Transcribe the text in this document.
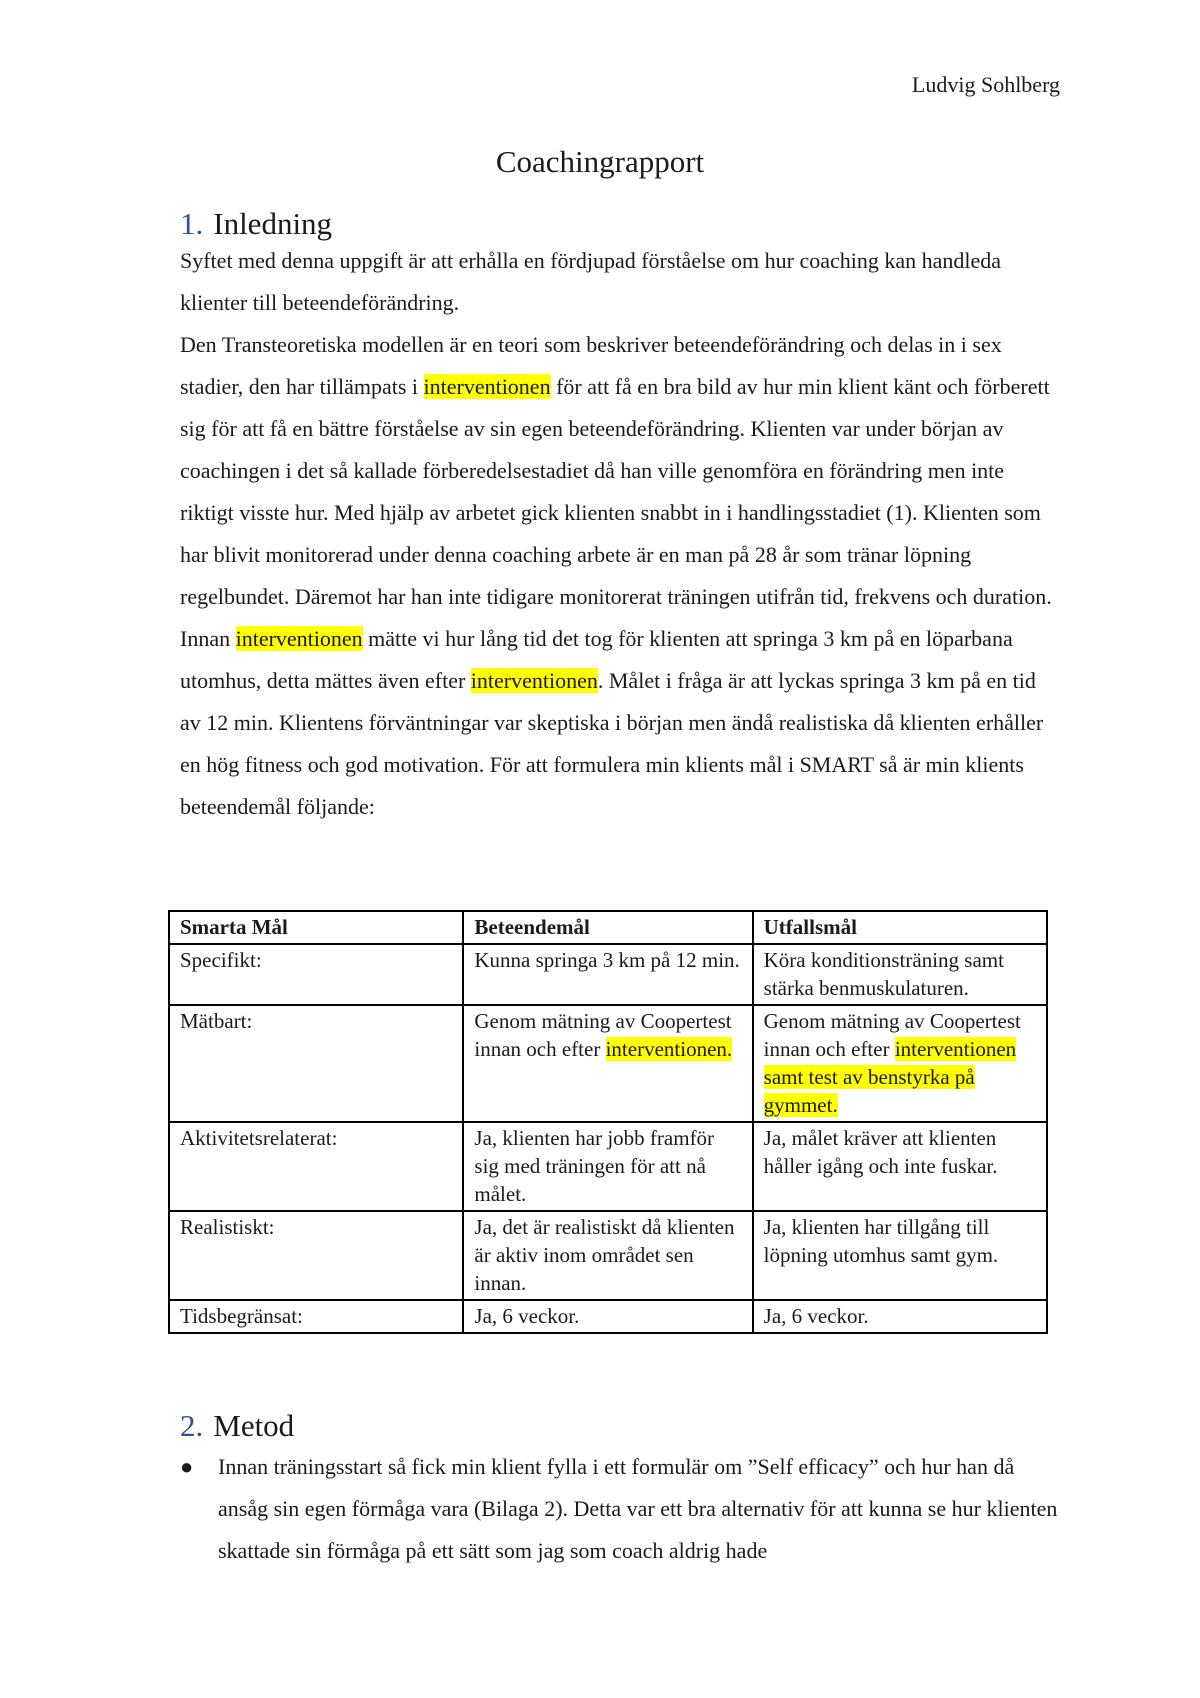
Ludvig Sohlberg
Coachingrapport
1. Inledning

Syftet med denna uppgift är att erhålla en fördjupad förståelse om hur coaching kan handleda klienter till beteendeförändring.

Den Transteoretiska modellen är en teori som beskriver beteendeförändring och delas in i sex stadier, den har tillämpats i interventionen för att få en bra bild av hur min klient känt och förberett sig för att få en bättre förståelse av sin egen beteendeförändring. Klienten var under början av coachingen i det så kallade förberedelsestadiet då han ville genomföra en förändring men inte riktigt visste hur. Med hjälp av arbetet gick klienten snabbt in i handlingsstadiet (1). Klienten som har blivit monitorerad under denna coaching arbete är en man på 28 år som tränar löpning regelbundet. Däremot har han inte tidigare monitorerat träningen utifrån tid, frekvens och duration. Innan interventionen mätte vi hur lång tid det tog för klienten att springa 3 km på en löparbana utomhus, detta mättes även efter interventionen. Målet i fråga är att lyckas springa 3 km på en tid av 12 min. Klientens förväntningar var skeptiska i början men ändå realistiska då klienten erhåller en hög fitness och god motivation. För att formulera min klients mål i SMART så är min klients beteendemål följande:

Smarta Mål	Beteendemål	Utfallsmål
Specifikt:	Kunna springa 3 km på 12 min.	Köra konditionsträning samt stärka benmuskulaturen.
Mätbart:	Genom mätning av Coopertest innan och efter interventionen.	Genom mätning av Coopertest innan och efter interventionen samt test av benstyrka på gymmet.
Aktivitetsrelaterat:	Ja, klienten har jobb framför sig med träningen för att nå målet.	Ja, målet kräver att klienten håller igång och inte fuskar.
Realistiskt:	Ja, det är realistiskt då klienten är aktiv inom området sen innan.	Ja, klienten har tillgång till löpning utomhus samt gym.
Tidsbegränsat:	Ja, 6 veckor.	Ja, 6 veckor.
2. Metod
●	Innan träningsstart så fick min klient fylla i ett formulär om ”Self efficacy” och hur han då ansåg sin egen förmåga vara (Bilaga 2). Detta var ett bra alternativ för att kunna se hur klienten skattade sin förmåga på ett sätt som jag som coach aldrig hade
